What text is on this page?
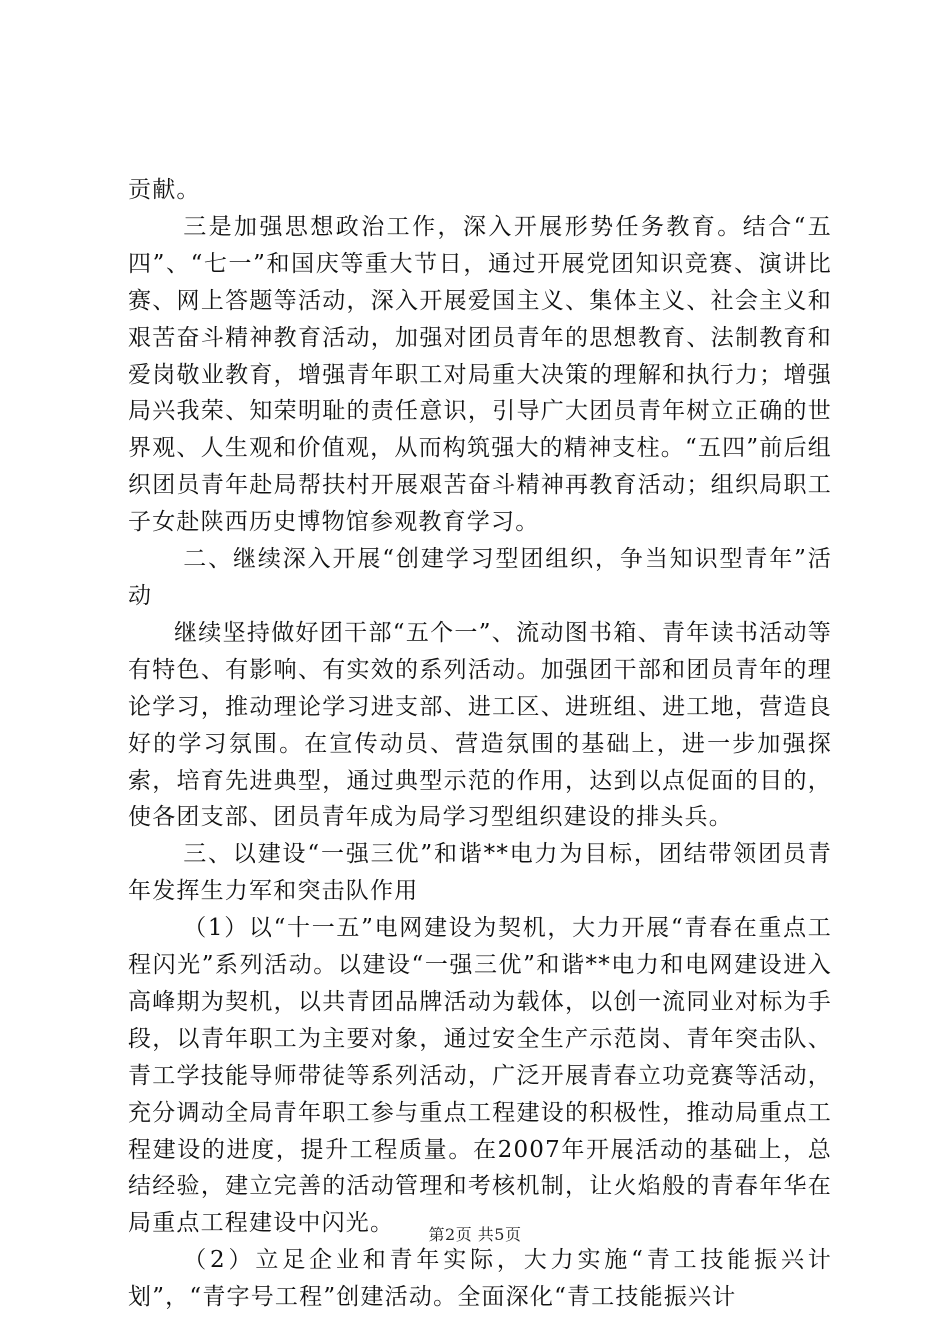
贡献。

三是加强思想政治工作，深入开展形势任务教育。结合“五四”、“七一”和国庆等重大节日，通过开展党团知识竞赛、演讲比赛、网上答题等活动，深入开展爱国主义、集体主义、社会主义和艰苦奋斗精神教育活动，加强对团员青年的思想教育、法制教育和爱岗敬业教育，增强青年职工对局重大决策的理解和执行力；增强局兴我荣、知荣明耻的责任意识，引导广大团员青年树立正确的世界观、人生观和价值观，从而构筑强大的精神支柱。“五四”前后组织团员青年赴局帮扶村开展艰苦奋斗精神再教育活动；组织局职工子女赴陕西历史博物馆参观教育学习。

二、继续深入开展“创建学习型团组织，争当知识型青年”活动

继续坚持做好团干部“五个一”、流动图书箱、青年读书活动等有特色、有影响、有实效的系列活动。加强团干部和团员青年的理论学习，推动理论学习进支部、进工区、进班组、进工地，营造良好的学习氛围。在宣传动员、营造氛围的基础上，进一步加强探索，培育先进典型，通过典型示范的作用，达到以点促面的目的，使各团支部、团员青年成为局学习型组织建设的排头兵。

三、以建设“一强三优”和谐**电力为目标，团结带领团员青年发挥生力军和突击队作用

（1）以“十一五”电网建设为契机，大力开展“青春在重点工程闪光”系列活动。以建设“一强三优”和谐**电力和电网建设进入高峰期为契机，以共青团品牌活动为载体，以创一流同业对标为手段，以青年职工为主要对象，通过安全生产示范岗、青年突击队、青工学技能导师带徒等系列活动，广泛开展青春立功竞赛等活动，充分调动全局青年职工参与重点工程建设的积极性，推动局重点工程建设的进度，提升工程质量。在2007年开展活动的基础上，总结经验，建立完善的活动管理和考核机制，让火焰般的青春年华在局重点工程建设中闪光。

（2）立足企业和青年实际，大力实施“青工技能振兴计划”，“青字号工程”创建活动。全面深化“青工技能振兴计

第2页 共5页
